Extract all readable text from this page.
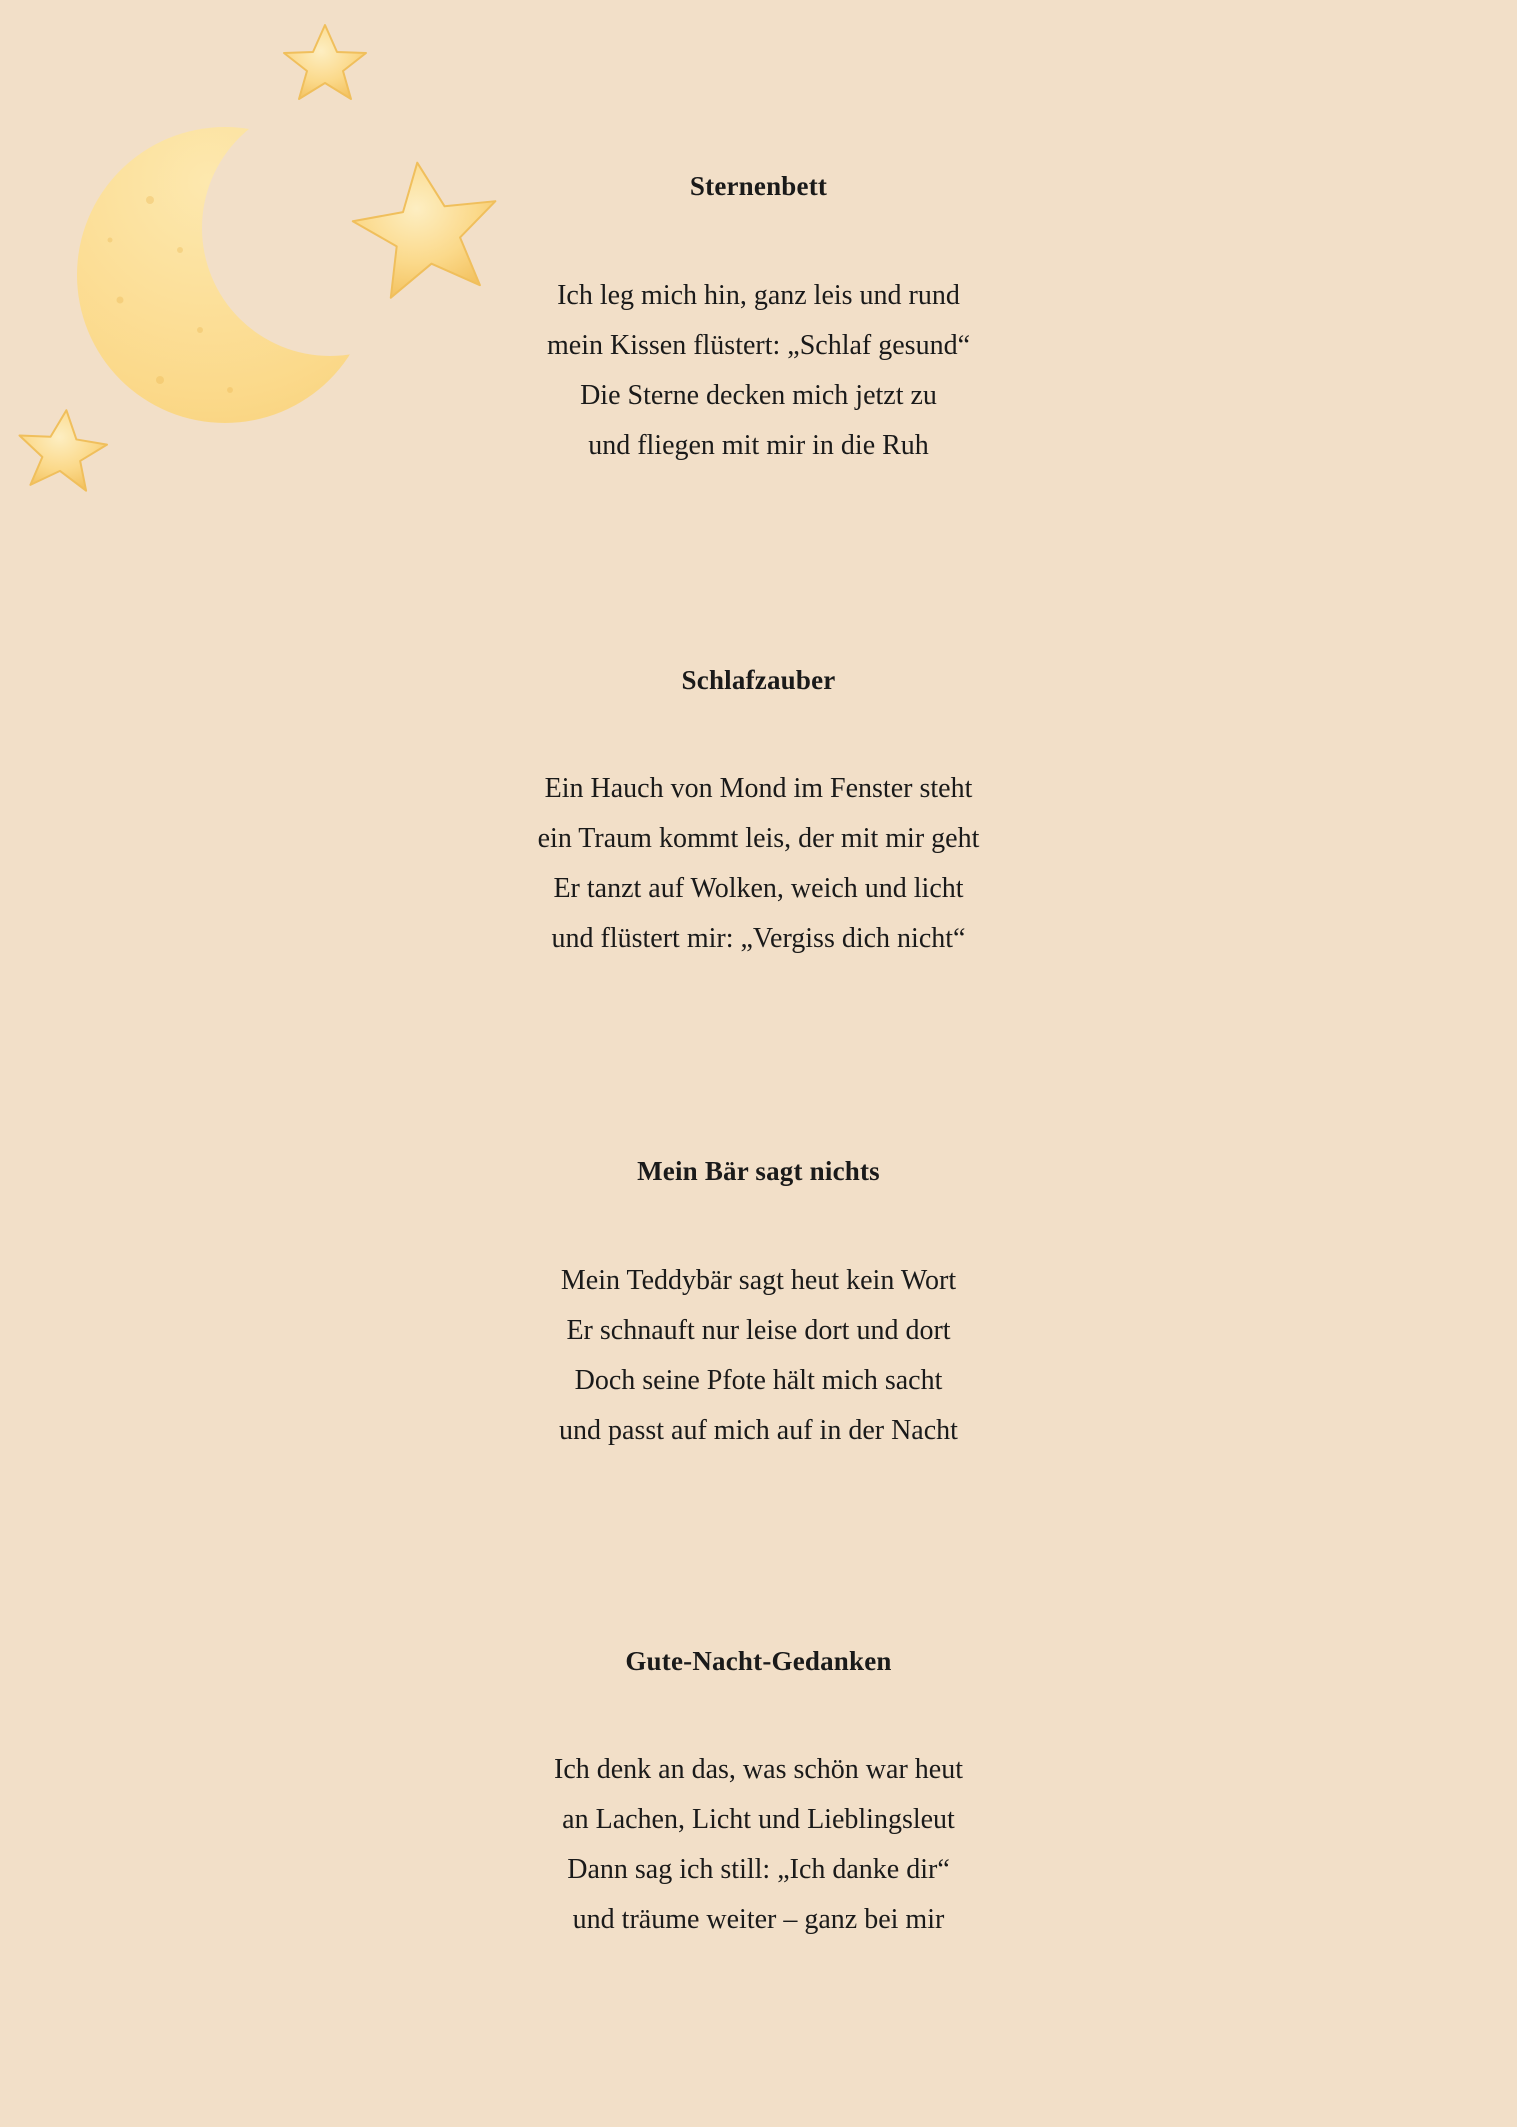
Sternenbett
Ich leg mich hin, ganz leis und rund
mein Kissen flüstert: „Schlaf gesund“
Die Sterne decken mich jetzt zu
und fliegen mit mir in die Ruh
Schlafzauber
Ein Hauch von Mond im Fenster steht
ein Traum kommt leis, der mit mir geht
Er tanzt auf Wolken, weich und licht
und flüstert mir: „Vergiss dich nicht“
Mein Bär sagt nichts
Mein Teddybär sagt heut kein Wort
Er schnauft nur leise dort und dort
Doch seine Pfote hält mich sacht
und passt auf mich auf in der Nacht
Gute-Nacht-Gedanken
Ich denk an das, was schön war heut
an Lachen, Licht und Lieblingsleut
Dann sag ich still: „Ich danke dir“
und träume weiter – ganz bei mir
